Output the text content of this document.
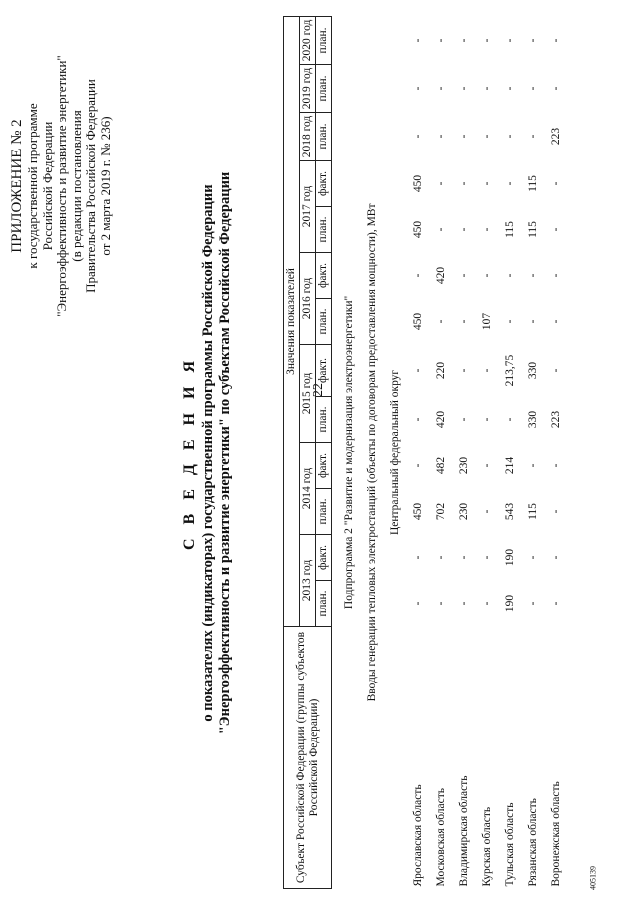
22
405139
ПРИЛОЖЕНИЕ № 2 к государственной программе Российской Федерации "Энергоэффективность и развитие энергетики" (в редакции постановления Правительства Российской Федерации от 2 марта 2019 г. № 236)
С В Е Д Е Н И Я о показателях (индикаторах) государственной программы Российской Федерации "Энергоэффективность и развитие энергетики" по субъектам Российской Федерации
Субъект Российской Федерации (группы субъектов Российской Федерации)	Значения показателей												
	2013 год		2014 год		2015 год		2016 год		2017 год		2018 год	2019 год	2020 год
	план.	факт.	план.	факт.	план.	факт.	план.	факт.	план.	факт.	план.	план.	план.
Подпрограмма 2 "Развитие и модернизация электроэнергетики"													
Вводы генерации тепловых электростанций (объекты по договорам предоставления мощности), МВт													
Центральный федеральный округ													
Ярославская область	-	-	450	-	-	-	450	-	450	450	-	-	-
Московская область	-	-	702	482	420	220	-	420	-	-	-	-	-
Владимирская область	-	-	230	230	-	-	-	-	-	-	-	-	-
Курская область	-	-	-	-	-	-	107	-	-	-	-	-	-
Тульская область	190	190	543	214	-	213,75	-	-	115	-	-	-	-
Рязанская область	-	-	115	-	330	330	-	-	115	115	-	-	-
Воронежская область	-	-	-	-	223	-	-	-	-	-	223	-	-
